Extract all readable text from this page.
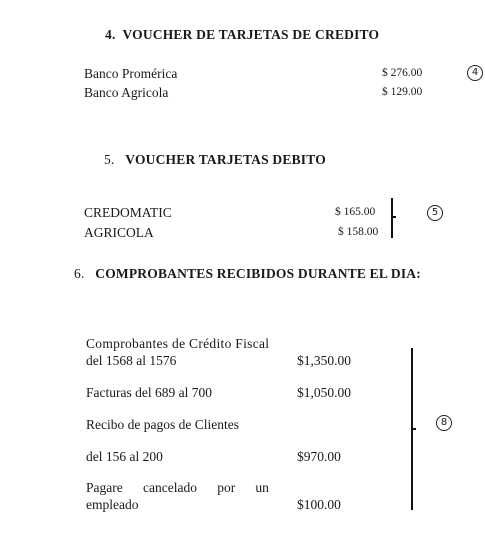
4. VOUCHER DE TARJETAS DE CREDITO
Banco Promérica	$ 276.00
Banco Agricola	$ 129.00
4
5. VOUCHER TARJETAS DEBITO
CREDOMATIC	$ 165.00
AGRICOLA	$ 158.00
5
6. COMPROBANTES RECIBIDOS DURANTE EL DIA:
Comprobantes de Crédito Fiscal
del 1568 al 1576	$1,350.00
Facturas del 689 al 700	$1,050.00
Recibo de pagos de Clientes
del 156 al 200	$970.00
Pagare      cancelado      por      un
empleado	$100.00
8
